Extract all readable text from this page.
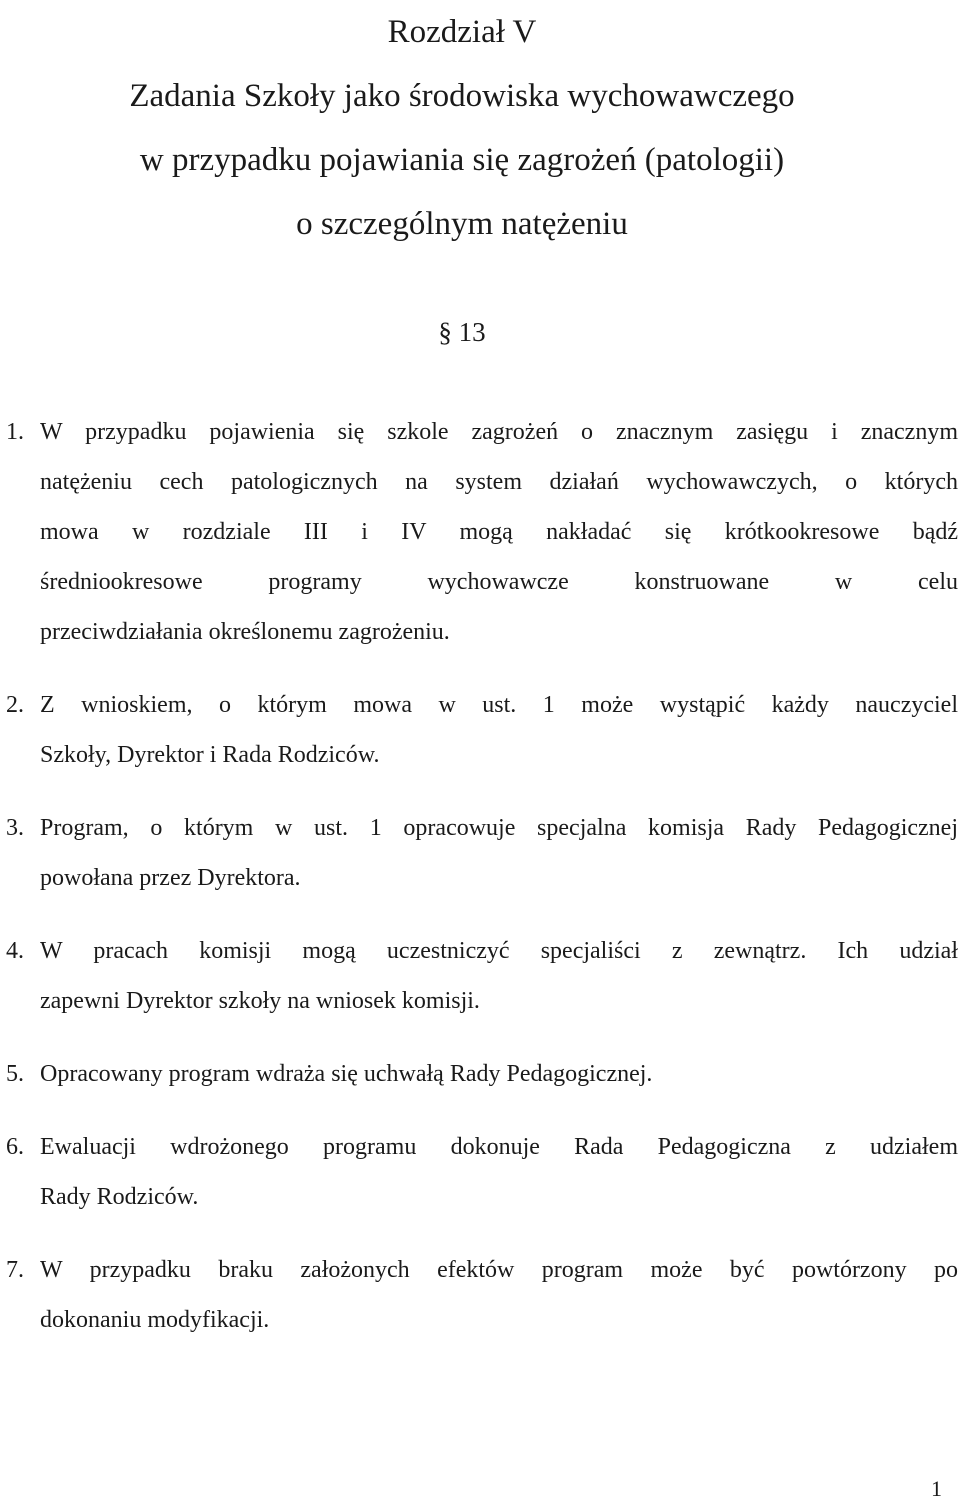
Rozdział V
Zadania Szkoły jako środowiska wychowawczego
w przypadku pojawiania się zagrożeń (patologii)
o szczególnym natężeniu
§ 13
1. W przypadku pojawienia się szkole zagrożeń o znacznym zasięgu i znacznym
natężeniu cech patologicznych na system działań wychowawczych, o których
mowa w rozdziale III i IV mogą nakładać się krótkookresowe bądź
średniookresowe programy wychowawcze konstruowane w celu
przeciwdziałania określonemu zagrożeniu.
2. Z wnioskiem, o którym mowa w ust. 1 może wystąpić każdy nauczyciel
Szkoły, Dyrektor i Rada Rodziców.
3. Program, o którym w ust. 1 opracowuje specjalna komisja Rady Pedagogicznej
powołana przez Dyrektora.
4. W pracach komisji mogą uczestniczyć specjaliści z zewnątrz. Ich udział
zapewni Dyrektor szkoły na wniosek komisji.
5. Opracowany program wdraża się uchwałą Rady Pedagogicznej.
6. Ewaluacji wdrożonego programu dokonuje Rada Pedagogiczna z udziałem
Rady Rodziców.
7. W przypadku braku założonych efektów program może być powtórzony po
dokonaniu modyfikacji.
1
